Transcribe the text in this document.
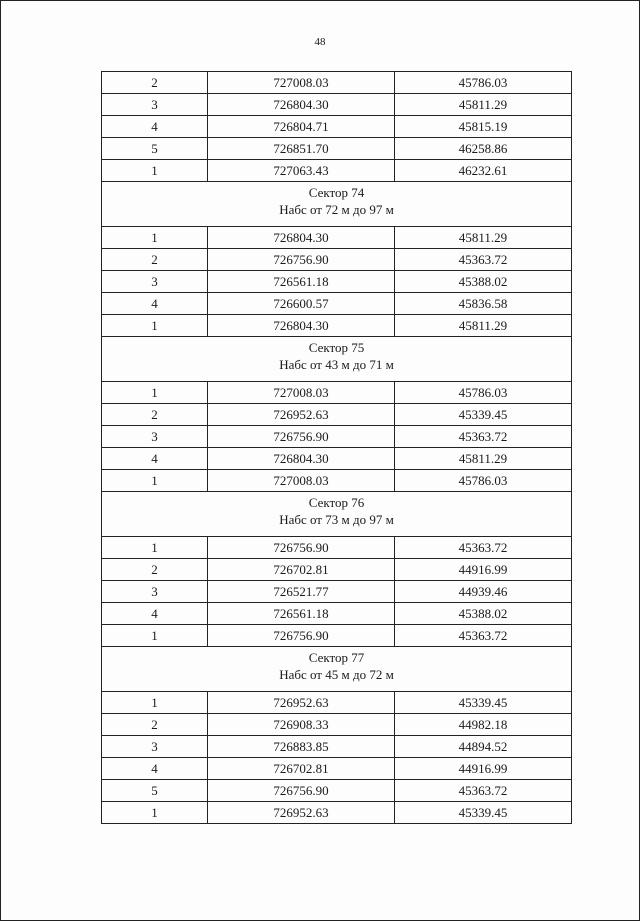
48
2	727008.03	45786.03
3	726804.30	45811.29
4	726804.71	45815.19
5	726851.70	46258.86
1	727063.43	46232.61

Сектор 74
Набс от 72 м до 97 м		

1	726804.30	45811.29
2	726756.90	45363.72
3	726561.18	45388.02
4	726600.57	45836.58
1	726804.30	45811.29

Сектор 75
Набс от 43 м до 71 м		

1	727008.03	45786.03
2	726952.63	45339.45
3	726756.90	45363.72
4	726804.30	45811.29
1	727008.03	45786.03

Сектор 76
Набс от 73 м до 97 м		

1	726756.90	45363.72
2	726702.81	44916.99
3	726521.77	44939.46
4	726561.18	45388.02
1	726756.90	45363.72

Сектор 77
Набс от 45 м до 72 м		

1	726952.63	45339.45
2	726908.33	44982.18
3	726883.85	44894.52
4	726702.81	44916.99
5	726756.90	45363.72
1	726952.63	45339.45
